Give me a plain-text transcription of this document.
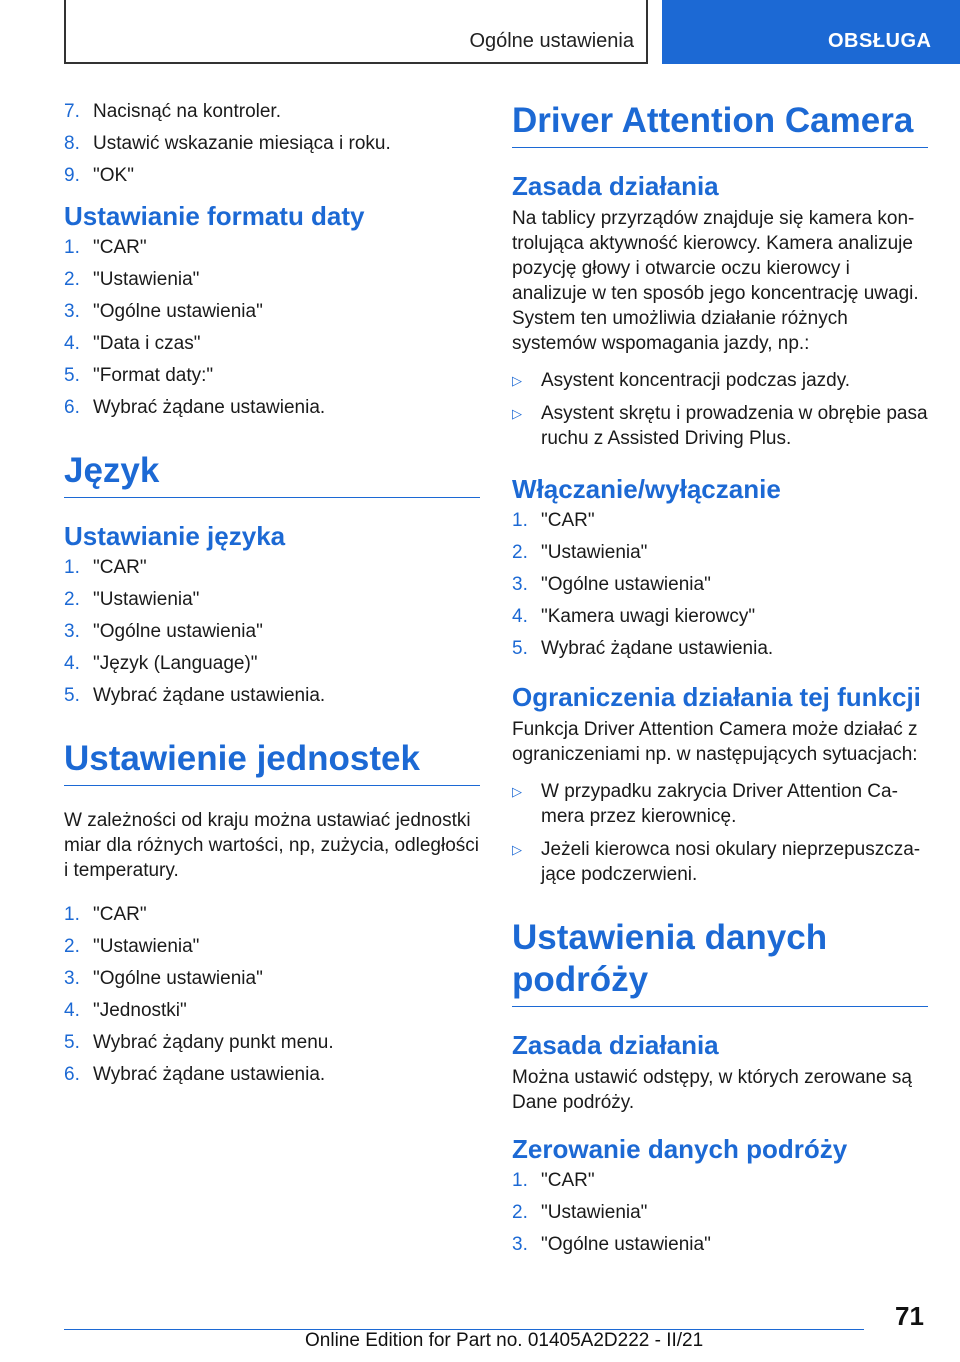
Ogólne ustawienia	OBSŁUGA
7. Nacisnąć na kontroler.
8. Ustawić wskazanie miesiąca i roku.
9. "OK"
Ustawianie formatu daty
1. "CAR"
2. "Ustawienia"
3. "Ogólne ustawienia"
4. "Data i czas"
5. "Format daty:"
6. Wybrać żądane ustawienia.
Język
Ustawianie języka
1. "CAR"
2. "Ustawienia"
3. "Ogólne ustawienia"
4. "Język (Language)"
5. Wybrać żądane ustawienia.
Ustawienie jednostek

W zależności od kraju można ustawiać jednostki miar dla różnych wartości, np, zużycia, odległości i temperatury.

1. "CAR"
2. "Ustawienia"
3. "Ogólne ustawienia"
4. "Jednostki"
5. Wybrać żądany punkt menu.
6. Wybrać żądane ustawienia.
Driver Attention Camera
Zasada działania

Na tablicy przyrządów znajduje się kamera kontrolująca aktywność kierowcy. Kamera analizuje pozycję głowy i otwarcie oczu kierowcy i analizuje w ten sposób jego koncentrację uwagi. System ten umożliwia działanie różnych systemów wspomagania jazdy, np.:

▷ Asystent koncentracji podczas jazdy.
▷ Asystent skrętu i prowadzenia w obrębie pasa ruchu z Assisted Driving Plus.
Włączanie/wyłączanie
1. "CAR"
2. "Ustawienia"
3. "Ogólne ustawienia"
4. "Kamera uwagi kierowcy"
5. Wybrać żądane ustawienia.
Ograniczenia działania tej funkcji

Funkcja Driver Attention Camera może działać z ograniczeniami np. w następujących sytuacjach:

▷ W przypadku zakrycia Driver Attention Camera przez kierownicę.
▷ Jeżeli kierowca nosi okulary nieprzepuszczające podczerwieni.
Ustawienia danych podróży
Zasada działania

Można ustawić odstępy, w których zerowane są Dane podróży.

Zerowanie danych podróży
1. "CAR"
2. "Ustawienia"
3. "Ogólne ustawienia"
71
Online Edition for Part no. 01405A2D222 - II/21
